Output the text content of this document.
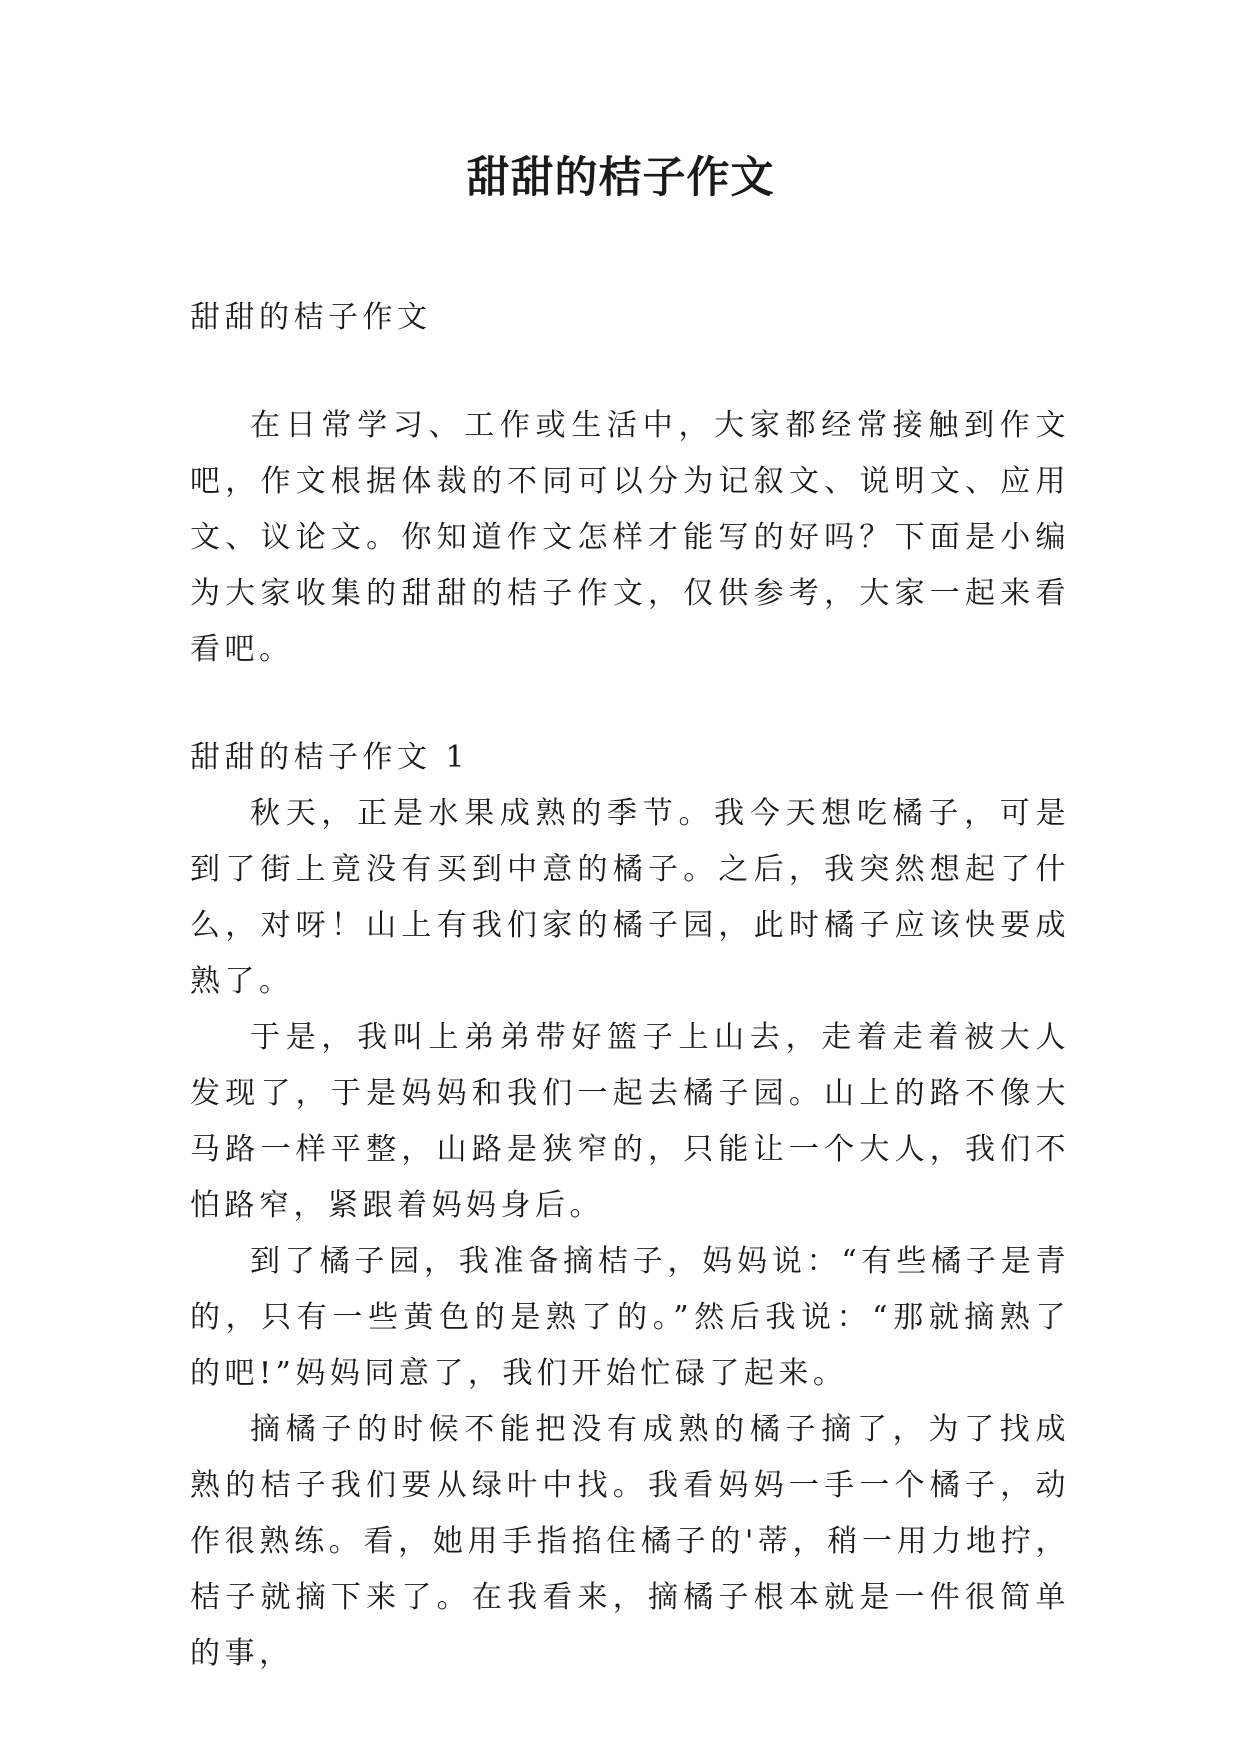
甜甜的桔子作文

甜甜的桔子作文

在日常学习、工作或生活中，大家都经常接触到作文吧，作文根据体裁的不同可以分为记叙文、说明文、应用文、议论文。你知道作文怎样才能写的好吗？下面是小编为大家收集的甜甜的桔子作文，仅供参考，大家一起来看看吧。

甜甜的桔子作文 1

秋天，正是水果成熟的季节。我今天想吃橘子，可是到了街上竟没有买到中意的橘子。之后，我突然想起了什么，对呀！山上有我们家的橘子园，此时橘子应该快要成熟了。

于是，我叫上弟弟带好篮子上山去，走着走着被大人发现了，于是妈妈和我们一起去橘子园。山上的路不像大马路一样平整，山路是狭窄的，只能让一个大人，我们不怕路窄，紧跟着妈妈身后。

到了橘子园，我准备摘桔子，妈妈说：“有些橘子是青的，只有一些黄色的是熟了的。”然后我说：“那就摘熟了的吧!”妈妈同意了，我们开始忙碌了起来。

摘橘子的时候不能把没有成熟的橘子摘了，为了找成熟的桔子我们要从绿叶中找。我看妈妈一手一个橘子，动作很熟练。看，她用手指掐住橘子的'蒂，稍一用力地拧，桔子就摘下来了。在我看来，摘橘子根本就是一件很简单的事，
